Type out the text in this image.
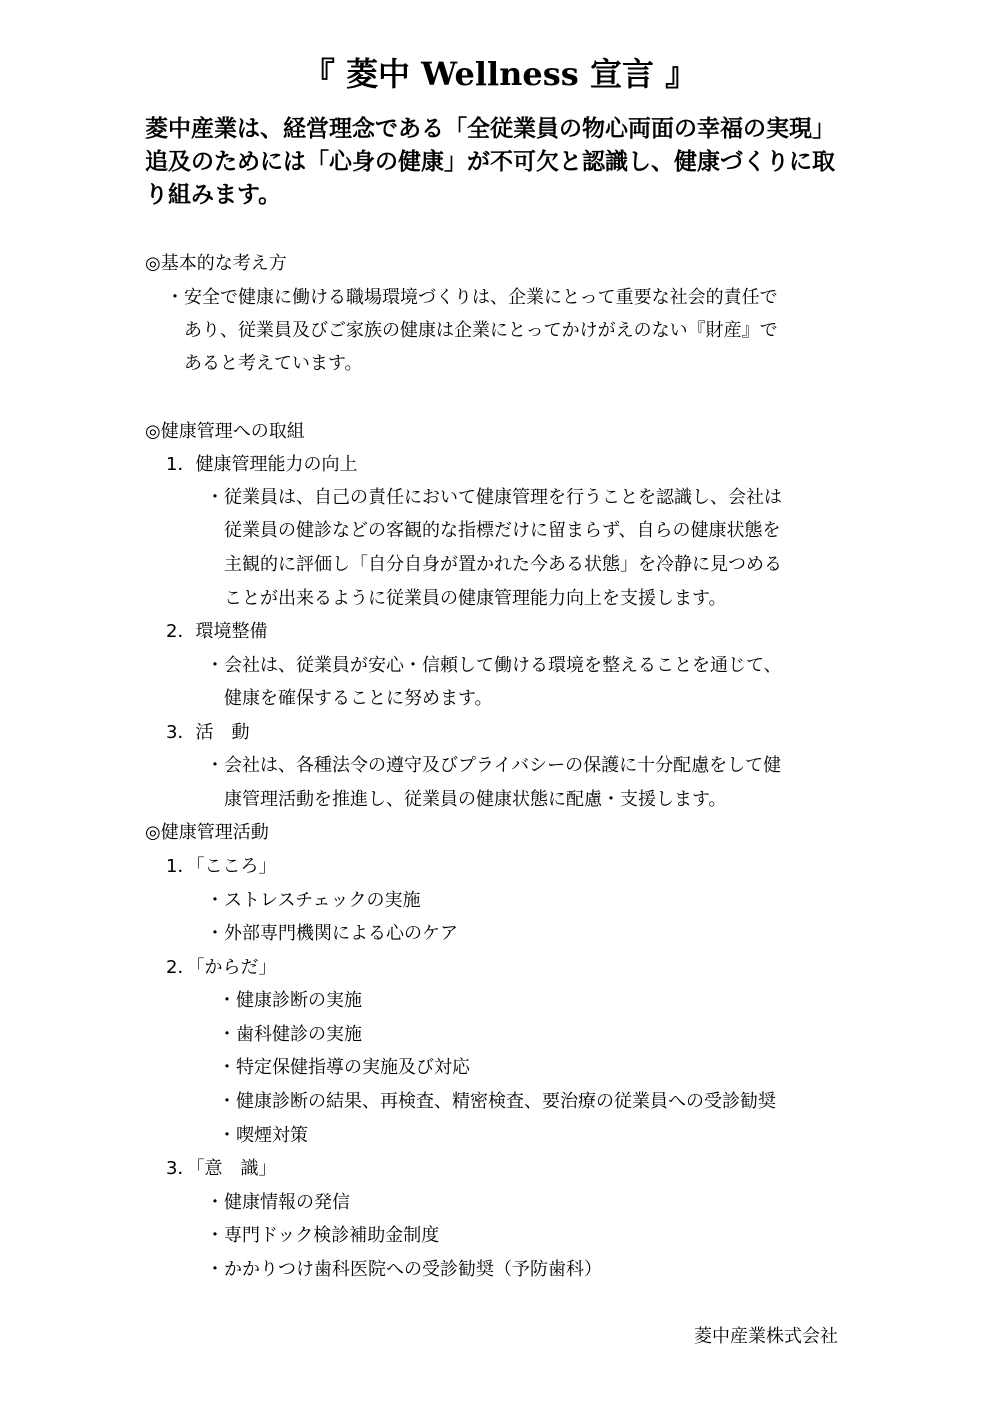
『 菱中 Wellness 宣言 』
菱中産業は、経営理念である「全従業員の物心両面の幸福の実現」
追及のためには「心身の健康」が不可欠と認識し、健康づくりに取
り組みます。
◎基本的な考え方
・安全で健康に働ける職場環境づくりは、企業にとって重要な社会的責任で
あり、従業員及びご家族の健康は企業にとってかけがえのない『財産』で
あると考えています。
◎健康管理への取組
1．健康管理能力の向上
・従業員は、自己の責任において健康管理を行うことを認識し、会社は
従業員の健診などの客観的な指標だけに留まらず、自らの健康状態を
主観的に評価し「自分自身が置かれた今ある状態」を冷静に見つめる
ことが出来るように従業員の健康管理能力向上を支援します。
2．環境整備
・会社は、従業員が安心・信頼して働ける環境を整えることを通じて、
健康を確保することに努めます。
3．活　動
・会社は、各種法令の遵守及びプライバシーの保護に十分配慮をして健
康管理活動を推進し、従業員の健康状態に配慮・支援します。
◎健康管理活動
1．「こころ」
・ストレスチェックの実施
・外部専門機関による心のケア
2．「からだ」
・健康診断の実施
・歯科健診の実施
・特定保健指導の実施及び対応
・健康診断の結果、再検査、精密検査、要治療の従業員への受診勧奨
・喫煙対策
3．「意　識」
・健康情報の発信
・専門ドック検診補助金制度
・かかりつけ歯科医院への受診勧奨（予防歯科）
菱中産業株式会社
